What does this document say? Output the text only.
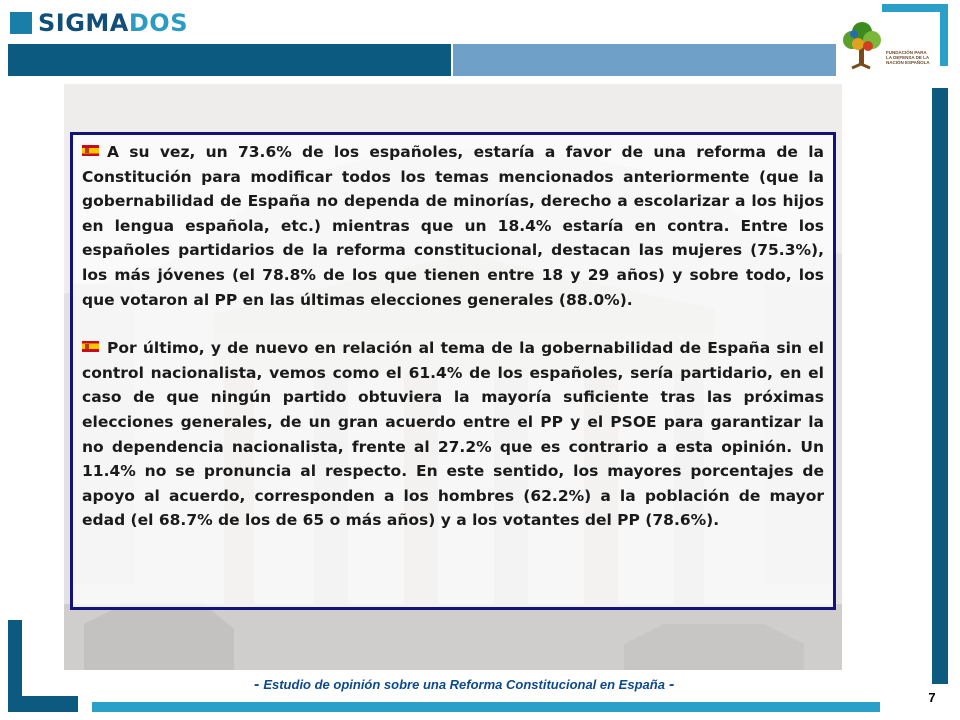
SIGMADOS
FUNDACIÓN PARA
LA DEFENSA DE LA
NACIÓN ESPAÑOLA

A su vez, un 73.6% de los españoles, estaría a favor de una reforma de la Constitución para modificar todos los temas mencionados anteriormente (que la gobernabilidad de España no dependa de minorías, derecho a escolarizar a los hijos en lengua española, etc.) mientras que un 18.4% estaría en contra. Entre los españoles partidarios de la reforma constitucional, destacan las mujeres (75.3%), los más jóvenes (el 78.8% de los que tienen entre 18 y 29 años) y sobre todo, los que votaron al PP en las últimas elecciones generales (88.0%).

Por último, y de nuevo en relación al tema de la gobernabilidad de España sin el control nacionalista, vemos como el 61.4% de los españoles, sería partidario, en el caso de que ningún partido obtuviera la mayoría suficiente tras las próximas elecciones generales, de un gran acuerdo entre el PP y el PSOE para garantizar la no dependencia nacionalista, frente al 27.2% que es contrario a esta opinión. Un 11.4% no se pronuncia al respecto. En este sentido, los mayores porcentajes de apoyo al acuerdo, corresponden a los hombres (62.2%) a la población de mayor edad (el 68.7% de los de 65 o más años) y a los votantes del PP (78.6%).

- Estudio de opinión sobre una Reforma Constitucional en España -
7
